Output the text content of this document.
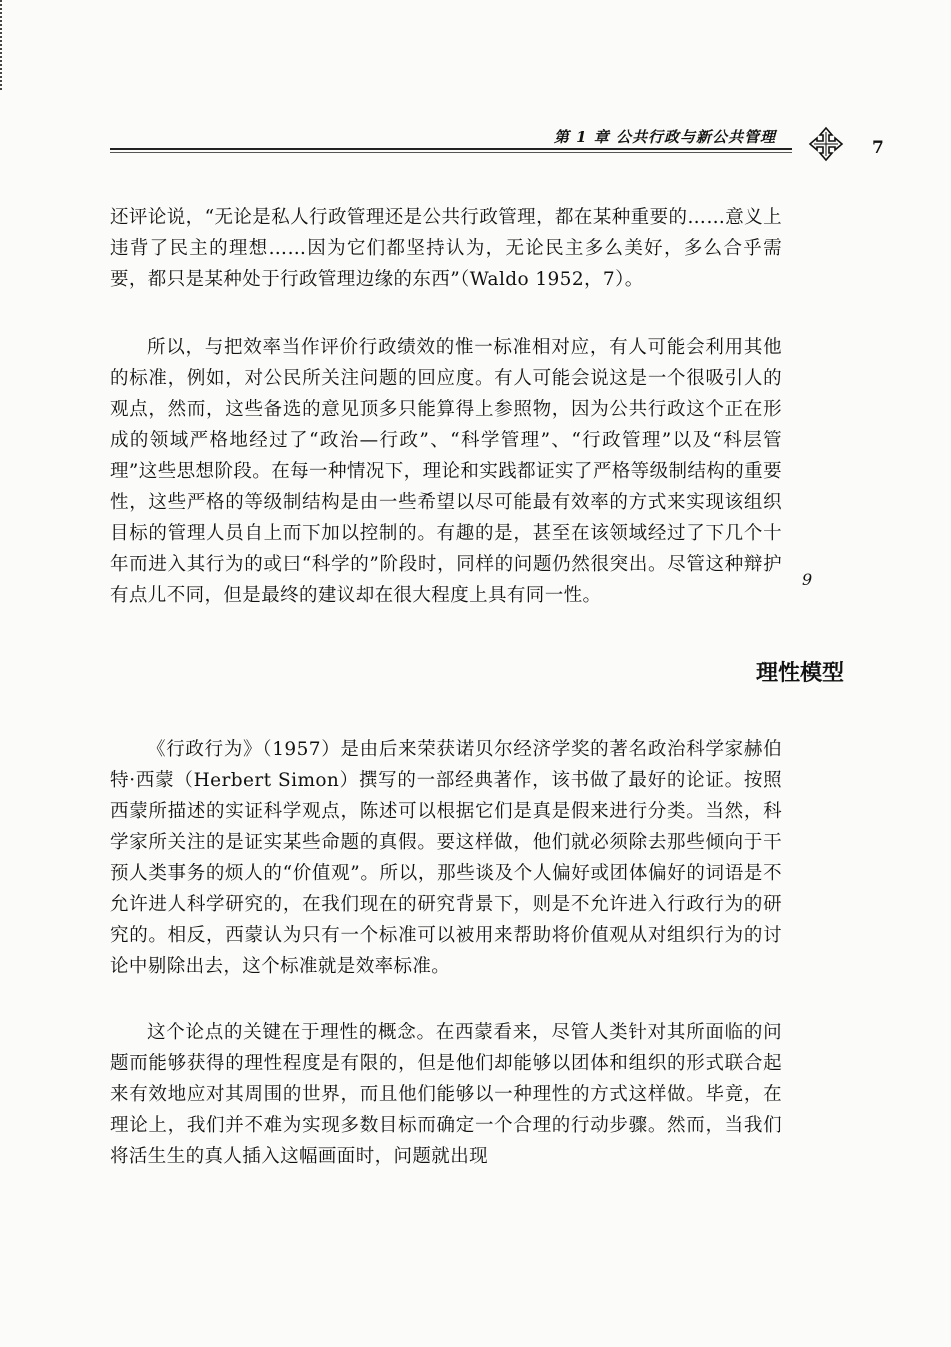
第 1 章 公共行政与新公共管理
7
9

还评论说，“无论是私人行政管理还是公共行政管理，都在某种重要的……意义上违背了民主的理想……因为它们都坚持认为，无论民主多么美好，多么合乎需要，都只是某种处于行政管理边缘的东西”（Waldo 1952，7）。

所以，与把效率当作评价行政绩效的惟一标准相对应，有人可能会利用其他的标准，例如，对公民所关注问题的回应度。有人可能会说这是一个很吸引人的观点，然而，这些备选的意见顶多只能算得上参照物，因为公共行政这个正在形成的领域严格地经过了“政治—行政”、“科学管理”、“行政管理”以及“科层管理”这些思想阶段。在每一种情况下，理论和实践都证实了严格等级制结构的重要性，这些严格的等级制结构是由一些希望以尽可能最有效率的方式来实现该组织目标的管理人员自上而下加以控制的。有趣的是，甚至在该领域经过了下几个十年而进入其行为的或曰“科学的”阶段时，同样的问题仍然很突出。尽管这种辩护有点儿不同，但是最终的建议却在很大程度上具有同一性。

理性模型

《行政行为》（1957）是由后来荣获诺贝尔经济学奖的著名政治科学家赫伯特·西蒙（Herbert Simon）撰写的一部经典著作，该书做了最好的论证。按照西蒙所描述的实证科学观点，陈述可以根据它们是真是假来进行分类。当然，科学家所关注的是证实某些命题的真假。要这样做，他们就必须除去那些倾向于干预人类事务的烦人的“价值观”。所以，那些谈及个人偏好或团体偏好的词语是不允许进人科学研究的，在我们现在的研究背景下，则是不允许进入行政行为的研究的。相反，西蒙认为只有一个标准可以被用来帮助将价值观从对组织行为的讨论中剔除出去，这个标准就是效率标准。

这个论点的关键在于理性的概念。在西蒙看来，尽管人类针对其所面临的问题而能够获得的理性程度是有限的，但是他们却能够以团体和组织的形式联合起来有效地应对其周围的世界，而且他们能够以一种理性的方式这样做。毕竟，在理论上，我们并不难为实现多数目标而确定一个合理的行动步骤。然而，当我们将活生生的真人插入这幅画面时，问题就出现
